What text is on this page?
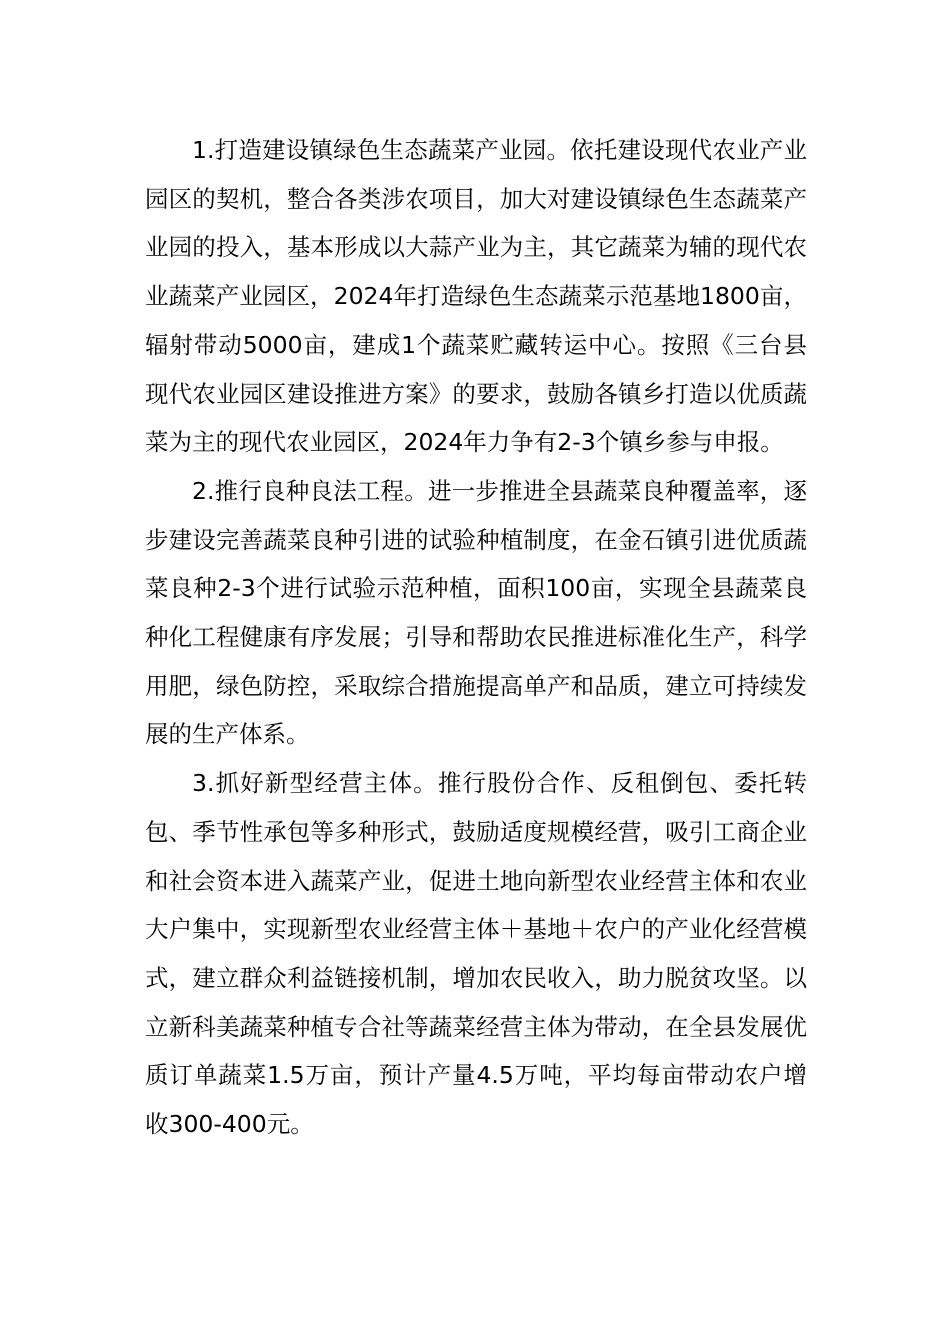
1.打造建设镇绿色生态蔬菜产业园。依托建设现代农业产业园区的契机，整合各类涉农项目，加大对建设镇绿色生态蔬菜产业园的投入，基本形成以大蒜产业为主，其它蔬菜为辅的现代农业蔬菜产业园区，2024年打造绿色生态蔬菜示范基地1800亩，辐射带动5000亩，建成1个蔬菜贮藏转运中心。按照《三台县现代农业园区建设推进方案》的要求，鼓励各镇乡打造以优质蔬菜为主的现代农业园区，2024年力争有2-3个镇乡参与申报。

2.推行良种良法工程。进一步推进全县蔬菜良种覆盖率，逐步建设完善蔬菜良种引进的试验种植制度，在金石镇引进优质蔬菜良种2-3个进行试验示范种植，面积100亩，实现全县蔬菜良种化工程健康有序发展；引导和帮助农民推进标准化生产，科学用肥，绿色防控，采取综合措施提高单产和品质，建立可持续发展的生产体系。

3.抓好新型经营主体。推行股份合作、反租倒包、委托转包、季节性承包等多种形式，鼓励适度规模经营，吸引工商企业和社会资本进入蔬菜产业，促进土地向新型农业经营主体和农业大户集中，实现新型农业经营主体＋基地＋农户的产业化经营模式，建立群众利益链接机制，增加农民收入，助力脱贫攻坚。以立新科美蔬菜种植专合社等蔬菜经营主体为带动，在全县发展优质订单蔬菜1.5万亩，预计产量4.5万吨，平均每亩带动农户增收300-400元。
